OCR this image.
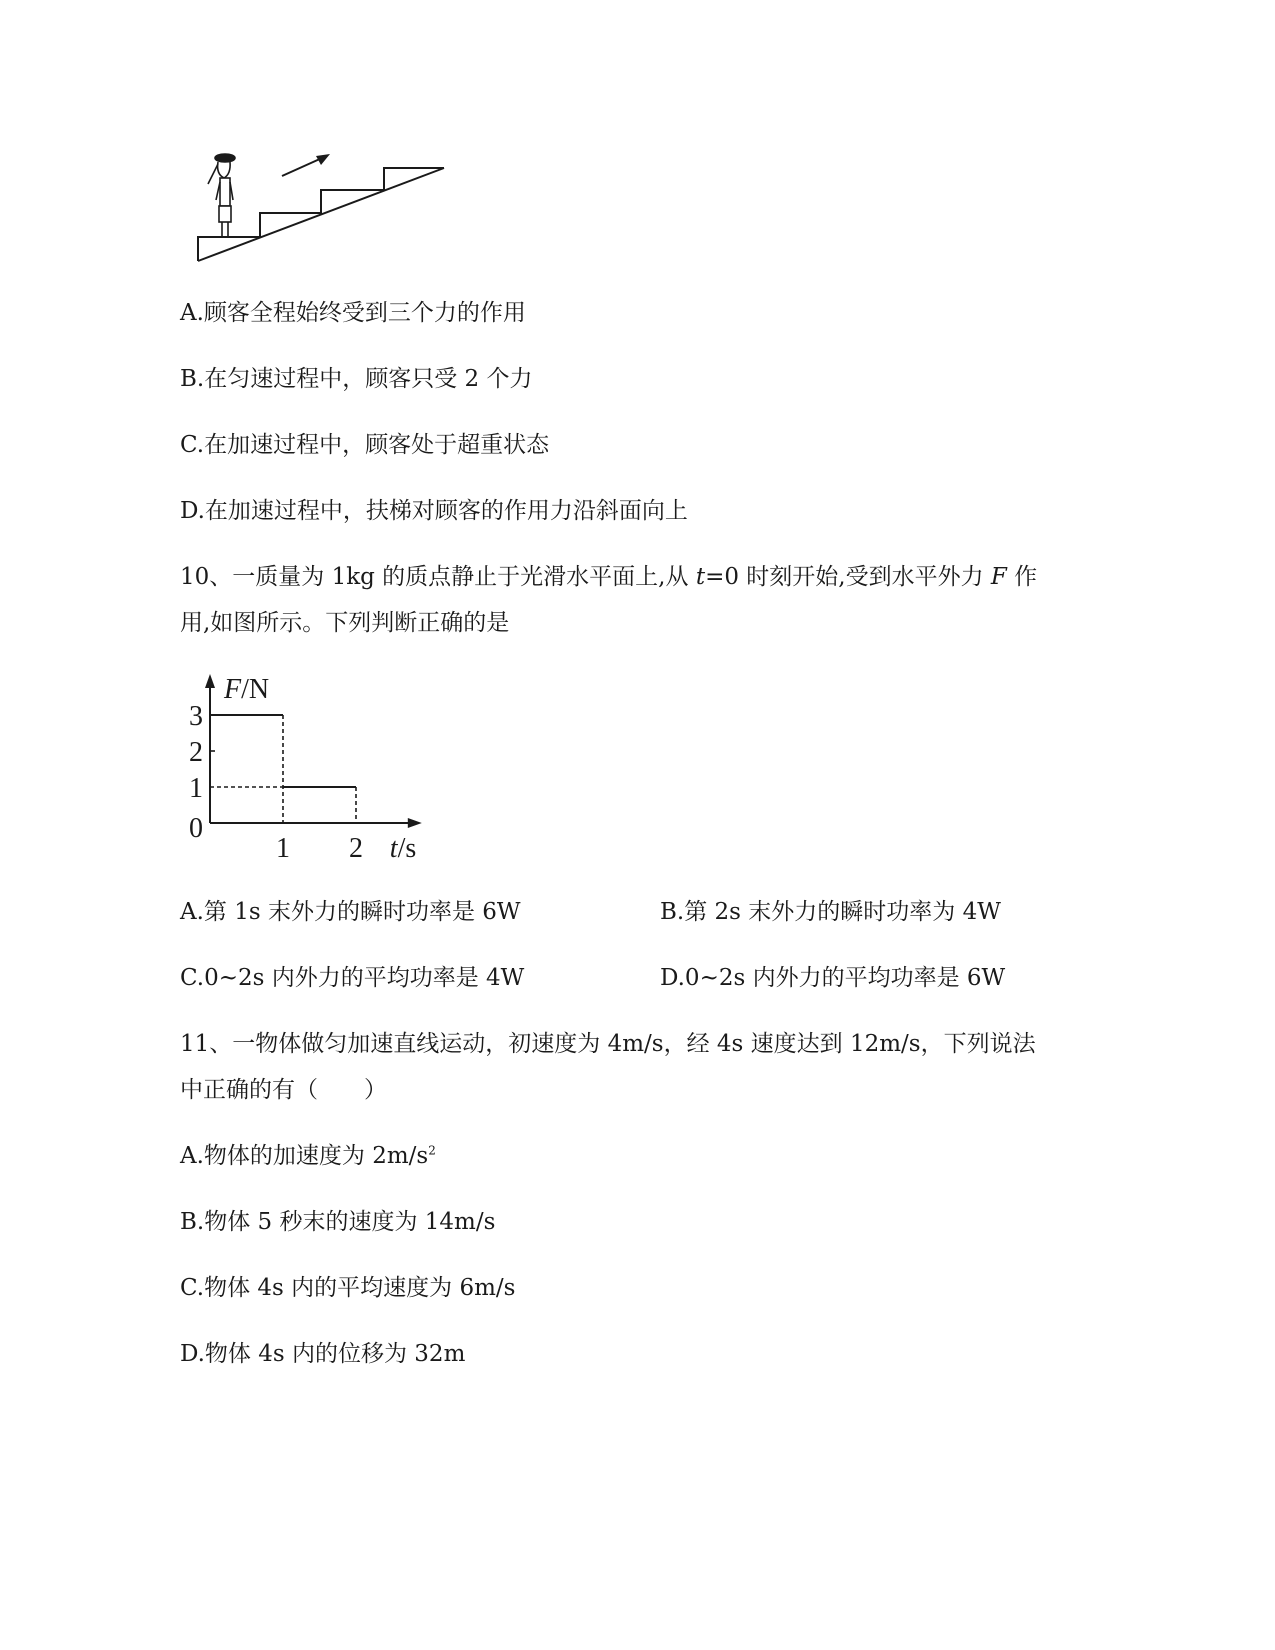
A.顾客全程始终受到三个力的作用
B.在匀速过程中，顾客只受 2 个力
C.在加速过程中，顾客处于超重状态
D.在加速过程中，扶梯对顾客的作用力沿斜面向上
10、一质量为 1kg 的质点静止于光滑水平面上,从 t=0 时刻开始,受到水平外力 F 作
用,如图所示。下列判断正确的是
1
2
3
0
1 2
F/N
t/s
A.第 1s 末外力的瞬时功率是 6W	B.第 2s 末外力的瞬时功率为 4W
C.0~2s 内外力的平均功率是 4W	D.0~2s 内外力的平均功率是 6W
11、一物体做匀加速直线运动，初速度为 4m/s，经 4s 速度达到 12m/s，下列说法
中正确的有（　　）
A.物体的加速度为 $2m/s^2$
B.物体 5 秒末的速度为 14m/s
C.物体 4s 内的平均速度为 6m/s
D.物体 4s 内的位移为 32m
